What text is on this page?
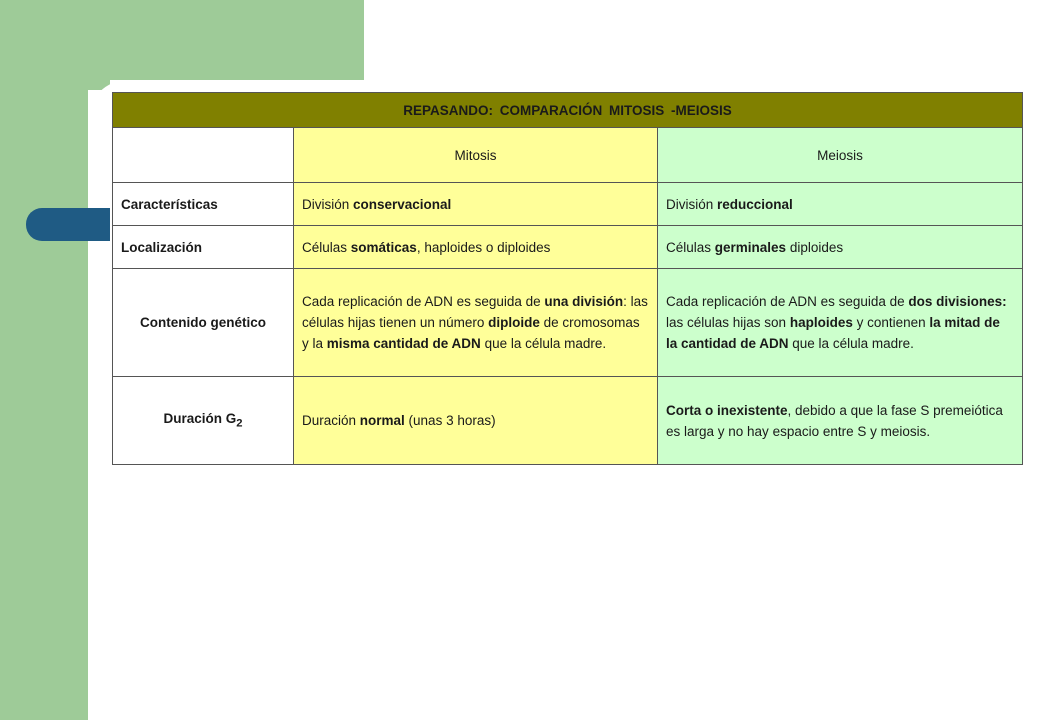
REPASANDO: COMPARACIÓN MITOSIS -MEIOSIS		
	Mitosis	Meiosis
Características	División conservacional	División reduccional
Localización	Células somáticas, haploides o diploides	Células germinales diploides
Contenido genético	Cada replicación de ADN es seguida de una división: las células hijas tienen un número diploide de cromosomas y la misma cantidad de ADN que la célula madre.	Cada replicación de ADN es seguida de dos divisiones: las células hijas son haploides y contienen la mitad de la cantidad de ADN que la célula madre.
Duración $G_2$	Duración normal (unas 3 horas)	Corta o inexistente, debido a que la fase S premeiótica es larga y no hay espacio entre S y meiosis.
